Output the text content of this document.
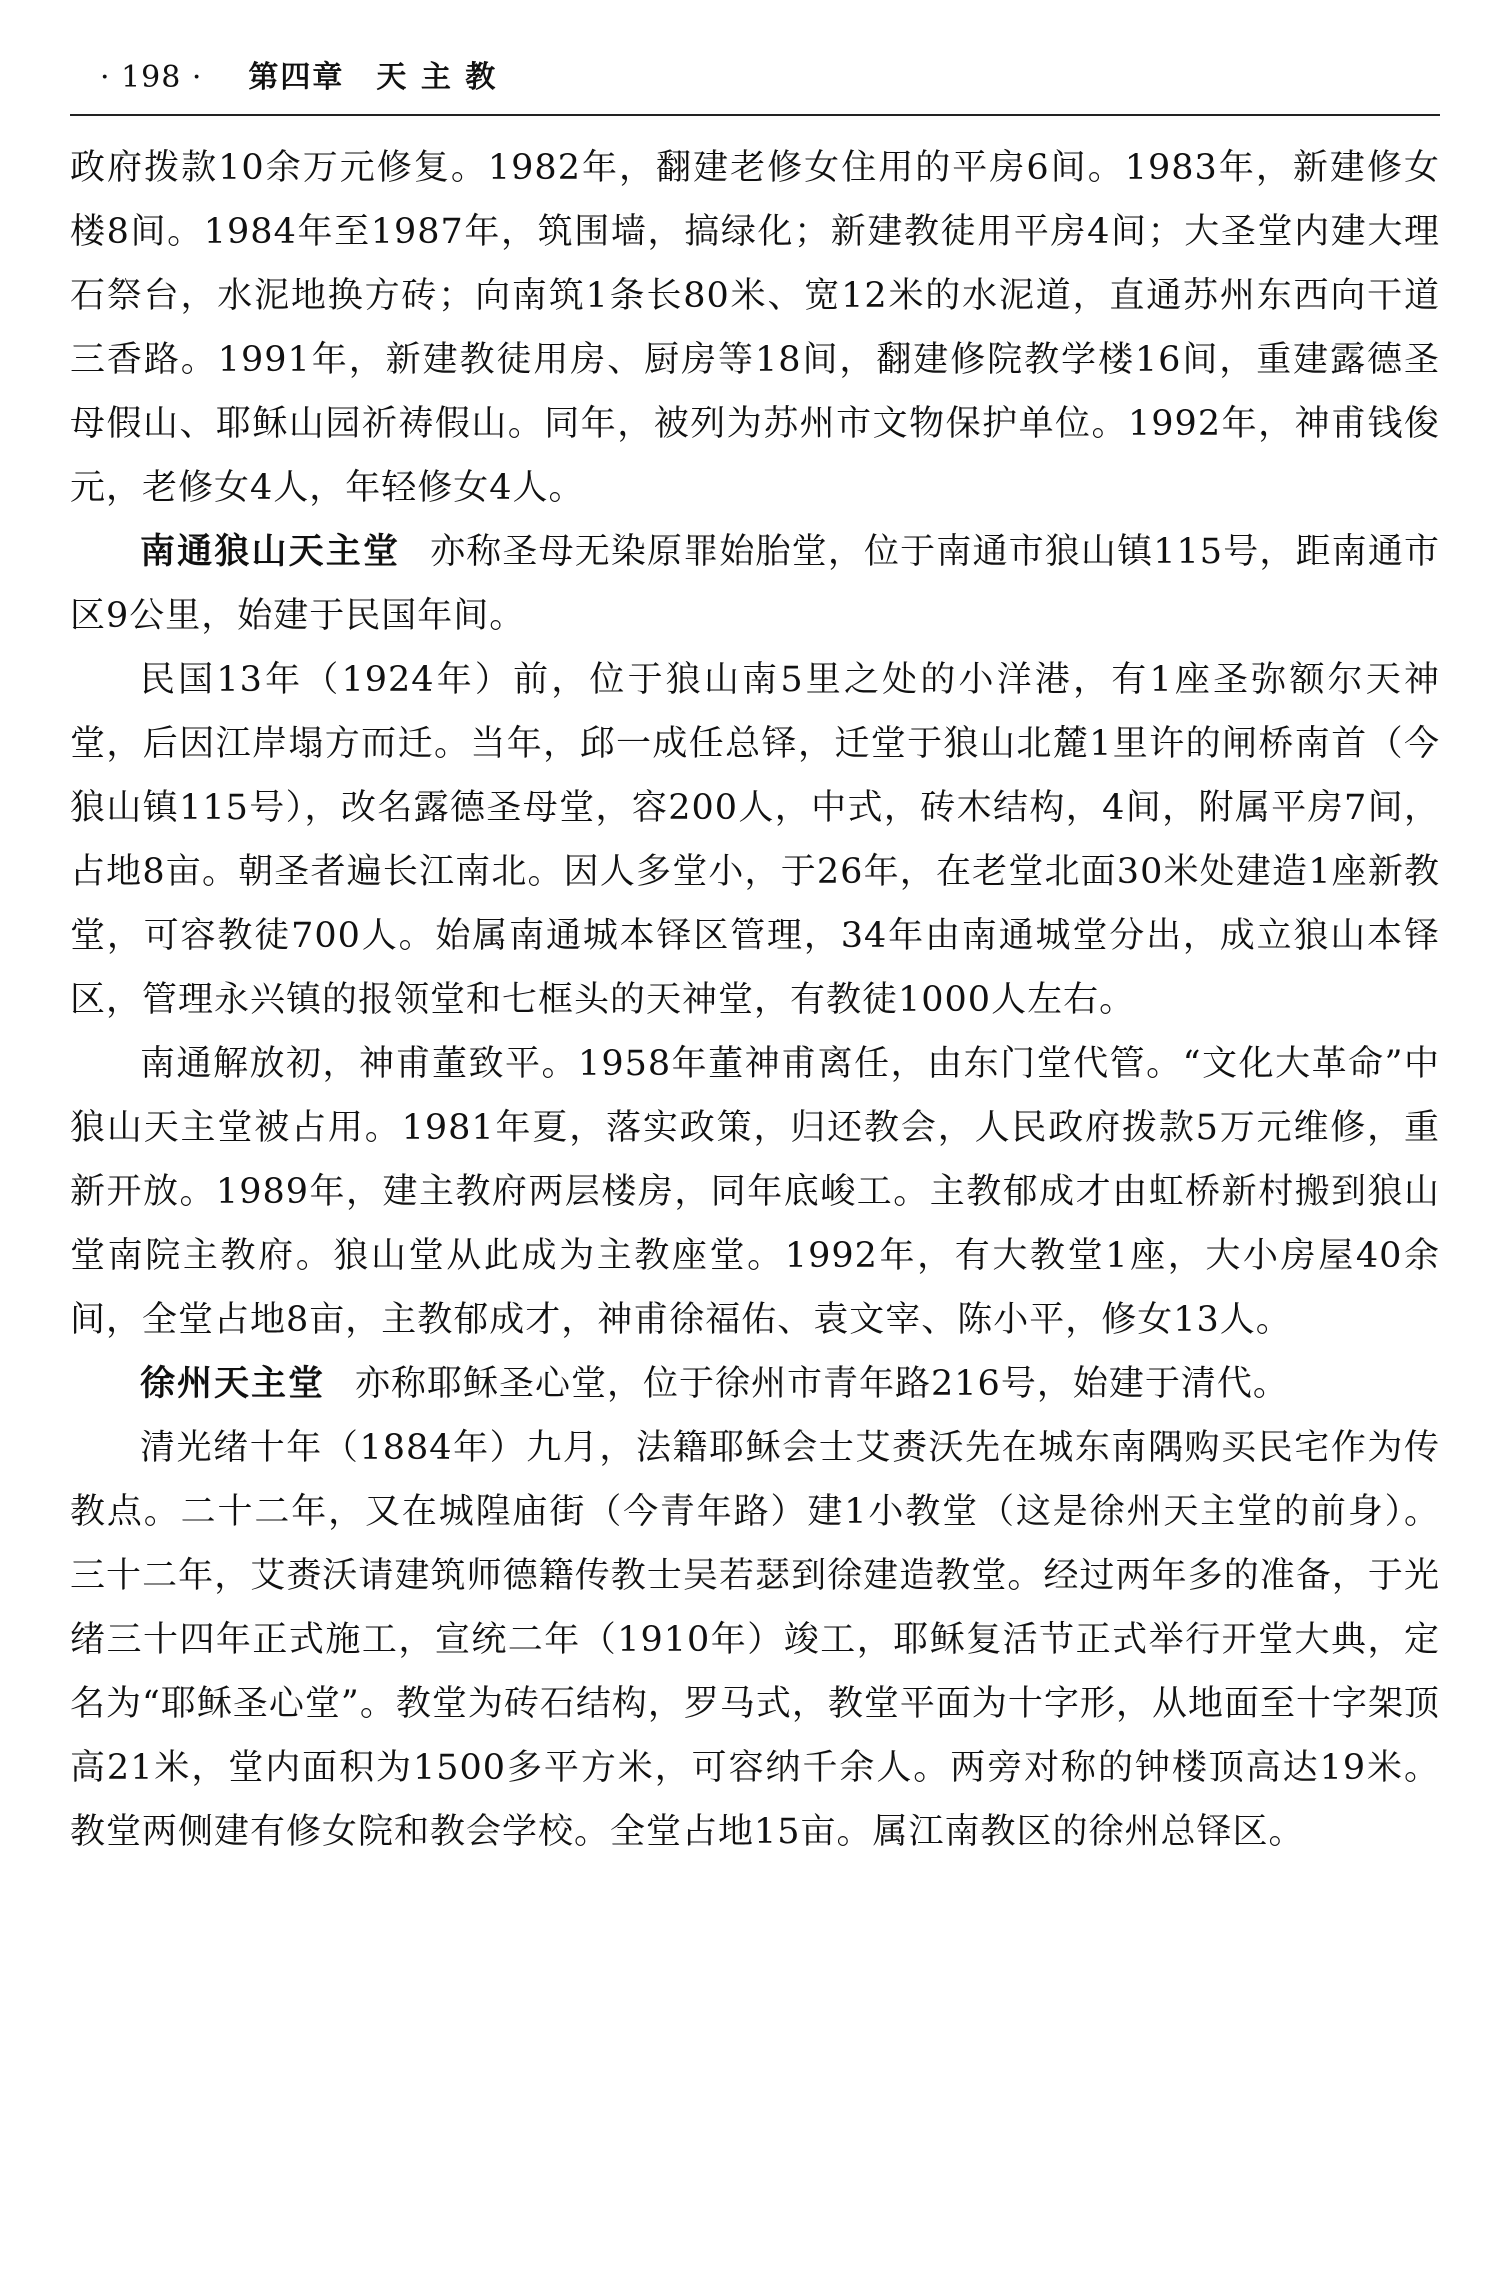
· 198 · 第四章　天 主 教

政府拨款10余万元修复。1982年，翻建老修女住用的平房6间。1983年，新建修女楼8间。1984年至1987年，筑围墙，搞绿化；新建教徒用平房4间；大圣堂内建大理石祭台，水泥地换方砖；向南筑1条长80米、宽12米的水泥道，直通苏州东西向干道三香路。1991年，新建教徒用房、厨房等18间，翻建修院教学楼16间，重建露德圣母假山、耶稣山园祈祷假山。同年，被列为苏州市文物保护单位。1992年，神甫钱俊元，老修女4人，年轻修女4人。

南通狼山天主堂 亦称圣母无染原罪始胎堂，位于南通市狼山镇115号，距南通市区9公里，始建于民国年间。

民国13年（1924年）前，位于狼山南5里之处的小洋港，有1座圣弥额尔天神堂，后因江岸塌方而迁。当年，邱一成任总铎，迁堂于狼山北麓1里许的闸桥南首（今狼山镇115号），改名露德圣母堂，容200人，中式，砖木结构，4间，附属平房7间，占地8亩。朝圣者遍长江南北。因人多堂小，于26年，在老堂北面30米处建造1座新教堂，可容教徒700人。始属南通城本铎区管理，34年由南通城堂分出，成立狼山本铎区，管理永兴镇的报领堂和七框头的天神堂，有教徒1000人左右。

南通解放初，神甫董致平。1958年董神甫离任，由东门堂代管。“文化大革命”中狼山天主堂被占用。1981年夏，落实政策，归还教会，人民政府拨款5万元维修，重新开放。1989年，建主教府两层楼房，同年底峻工。主教郁成才由虹桥新村搬到狼山堂南院主教府。狼山堂从此成为主教座堂。1992年，有大教堂1座，大小房屋40余间，全堂占地8亩，主教郁成才，神甫徐福佑、袁文宰、陈小平，修女13人。

徐州天主堂 亦称耶稣圣心堂，位于徐州市青年路216号，始建于清代。

清光绪十年（1884年）九月，法籍耶稣会士艾赉沃先在城东南隅购买民宅作为传教点。二十二年，又在城隍庙街（今青年路）建1小教堂（这是徐州天主堂的前身）。三十二年，艾赉沃请建筑师德籍传教士吴若瑟到徐建造教堂。经过两年多的准备，于光绪三十四年正式施工，宣统二年（1910年）竣工，耶稣复活节正式举行开堂大典，定名为“耶稣圣心堂”。教堂为砖石结构，罗马式，教堂平面为十字形，从地面至十字架顶高21米，堂内面积为1500多平方米，可容纳千余人。两旁对称的钟楼顶高达19米。教堂两侧建有修女院和教会学校。全堂占地15亩。属江南教区的徐州总铎区。
